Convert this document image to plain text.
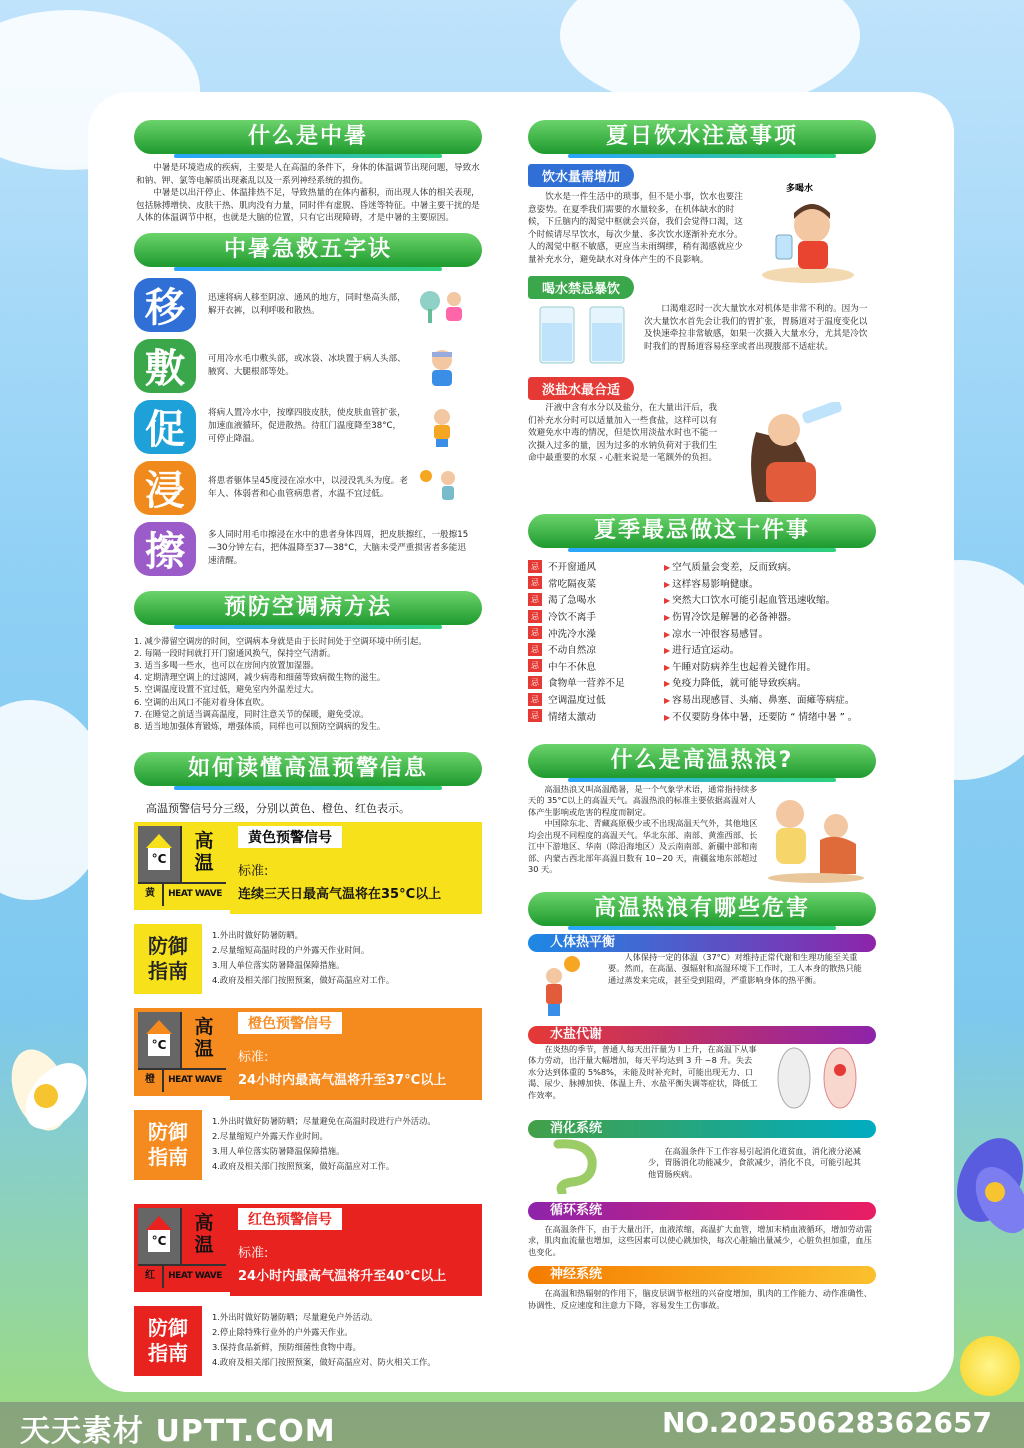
什么是中暑

中暑是环境造成的疾病，主要是人在高温的条件下，身体的体温调节出现问题，导致水和钠、钾、氯等电解质出现紊乱以及一系列神经系统的损伤。

中暑是以出汗停止、体温排热不足，导致热量的在体内蓄积，而出现人体的相关表现，包括脉搏增快、皮肤干热、肌肉没有力量，同时伴有虚脱、昏迷等特征。中暑主要干扰的是人体的体温调节中枢，也就是大脑的位置，只有它出现障碍，才是中暑的主要原因。

中暑急救五字诀
移	迅速将病人移至阴凉、通风的地方，同时垫高头部，解开衣裤，以利呼吸和散热。
敷	可用冷水毛巾敷头部，或冰袋、冰块置于病人头部、腋窝、大腿根部等处。
促	将病人置冷水中，按摩四肢皮肤，使皮肤血管扩张，加速血液循环，促进散热。待肛门温度降至38°C，可停止降温。
浸	将患者躯体呈45度浸在凉水中，以浸没乳头为度。老年人、体弱者和心血管病患者，水温不宜过低。
擦	多人同时用毛巾擦浸在水中的患者身体四周，把皮肤擦红，一般擦15—30分钟左右，把体温降至37—38°C，大脑未受严重损害者多能迅速清醒。
预防空调病方法
1. 减少滞留空调房的时间，空调病本身就是由于长时间处于空调环境中所引起。
2. 每隔一段时间就打开门窗通风换气，保持空气清新。
3. 适当多喝一些水，也可以在房间内放置加湿器。
4. 定期清理空调上的过滤网，减少病毒和细菌等致病微生物的滋生。
5. 空调温度设置不宜过低，避免室内外温差过大。
6. 空调的出风口不能对着身体直吹。
7. 在睡觉之前适当调高温度，同时注意关节的保暖，避免受凉。
8. 适当地加强体育锻炼，增强体质，同样也可以预防空调病的发生。
如何读懂高温预警信息
高温预警信号分三级，分别以黄色、橙色、红色表示。
°C
高
温
黄	HEAT WAVE
黄色预警信号
标准:
连续三天日最高气温将在35°C以上
防御
指南
1.外出时做好防暑防晒。
2.尽量缩短高温时段的户外露天作业时间。
3.用人单位落实防暑降温保障措施。
4.政府及相关部门按照预案，做好高温应对工作。
°C
高
温
橙	HEAT WAVE
橙色预警信号
标准:
24小时内最高气温将升至37°C以上
防御
指南
1.外出时做好防暑防晒；尽量避免在高温时段进行户外活动。
2.尽量缩短户外露天作业时间。
3.用人单位落实防暑降温保障措施。
4.政府及相关部门按照预案，做好高温应对工作。
°C
高
温
红	HEAT WAVE
红色预警信号
标准:
24小时内最高气温将升至40°C以上
防御
指南
1.外出时做好防暑防晒；尽量避免户外活动。
2.停止除特殊行业外的户外露天作业。
3.保持食品新鲜，预防细菌性食物中毒。
4.政府及相关部门按照预案，做好高温应对、防火相关工作。
夏日饮水注意事项
饮水量需增加

饮水是一件生活中的琐事，但不是小事，饮水也要注意姿势。在夏季我们需要的水量较多，在机体缺水的时候，下丘脑内的渴觉中枢就会兴奋，我们会觉得口渴，这个时候请尽早饮水，每次少量、多次饮水逐渐补充水分。人的渴觉中枢不敏感，更应当未雨绸缪，稍有渴感就应少量补充水分，避免缺水对身体产生的不良影响。

多喝水
喝水禁忌暴饮

口渴难忍时一次大量饮水对机体是非常不利的。因为一次大量饮水首先会让我们的胃扩张，胃肠道对于温度变化以及快速牵拉非常敏感，如果一次摄入大量水分，尤其是冷饮时我们的胃肠道容易痉挛或者出现腹部不适症状。

淡盐水最合适

汗液中含有水分以及盐分，在大量出汗后，我们补充水分时可以适量加入一些食盐，这样可以有效避免水中毒的情况，但是饮用淡盐水时也不能一次摄入过多的量，因为过多的水钠负荷对于我们生命中最重要的水泵 - 心脏来说是一笔额外的负担。

夏季最忌做这十件事
忌 不开窗通风	▶ 空气质量会变差，反而致病。
忌 常吃隔夜菜	▶ 这样容易影响健康。
忌 渴了急喝水	▶ 突然大口饮水可能引起血管迅速收缩。
忌 冷饮不离手	▶ 伤胃冷饮是解暑的必备神器。
忌 冲洗冷水澡	▶ 凉水一冲很容易感冒。
忌 不动自然凉	▶ 进行适宜运动。
忌 中午不休息	▶ 午睡对防病养生也起着关键作用。
忌 食物单一营养不足	▶ 免疫力降低，就可能导致疾病。
忌 空调温度过低	▶ 容易出现感冒、头痛、鼻塞、面瘫等病症。
忌 情绪太激动	▶ 不仅要防身体中暑，还要防 “ 情绪中暑 ” 。
什么是高温热浪?

高温热浪又叫高温酷暑，是一个气象学术语，通常指持续多天的 35°C以上的高温天气。高温热浪的标准主要依据高温对人体产生影响或危害的程度而制定。

中国除东北、青藏高原极少或不出现高温天气外，其他地区均会出现不同程度的高温天气。华北东部、南部、黄淮西部、长江中下游地区、华南（除沿海地区）及云南南部、新疆中部和南部、内蒙古西北部年高温日数有 10~20 天，南疆盆地东部超过 30 天。

高温热浪有哪些危害
人体热平衡

人体保持一定的体温（37°C）对维持正常代谢和生理功能至关重要。然而，在高温、强辐射和高湿环境下工作时，工人本身的散热只能通过蒸发来完成，甚至受到阻碍，严重影响身体的热平衡。

水盐代谢

在炎热的季节，普通人每天出汗量为 l 上升，在高温下从事体力劳动，出汗量大幅增加，每天平均达到 3 升 ~8 升。失去水分达到体重的 5%8%，未能及时补充时，可能出现无力、口渴、尿少、脉搏加快、体温上升、水盐平衡失调等症状，降低工作效率。

消化系统

在高温条件下工作容易引起消化道贫血，消化液分泌减少，胃肠消化功能减少，食欲减少，消化不良，可能引起其他胃肠疾病。

循环系统

在高温条件下，由于大量出汗，血液浓缩，高温扩大血管，增加末梢血液循环，增加劳动需求，肌肉血流量也增加，这些因素可以使心跳加快，每次心脏输出量减少，心脏负担加重，血压也变化。

神经系统

在高温和热辐射的作用下，脑皮层调节枢纽的兴奋度增加，肌肉的工作能力、动作准确性、协调性、反应速度和注意力下降，容易发生工伤事故。

天天素材 UPTT.COM	NO.20250628362657
